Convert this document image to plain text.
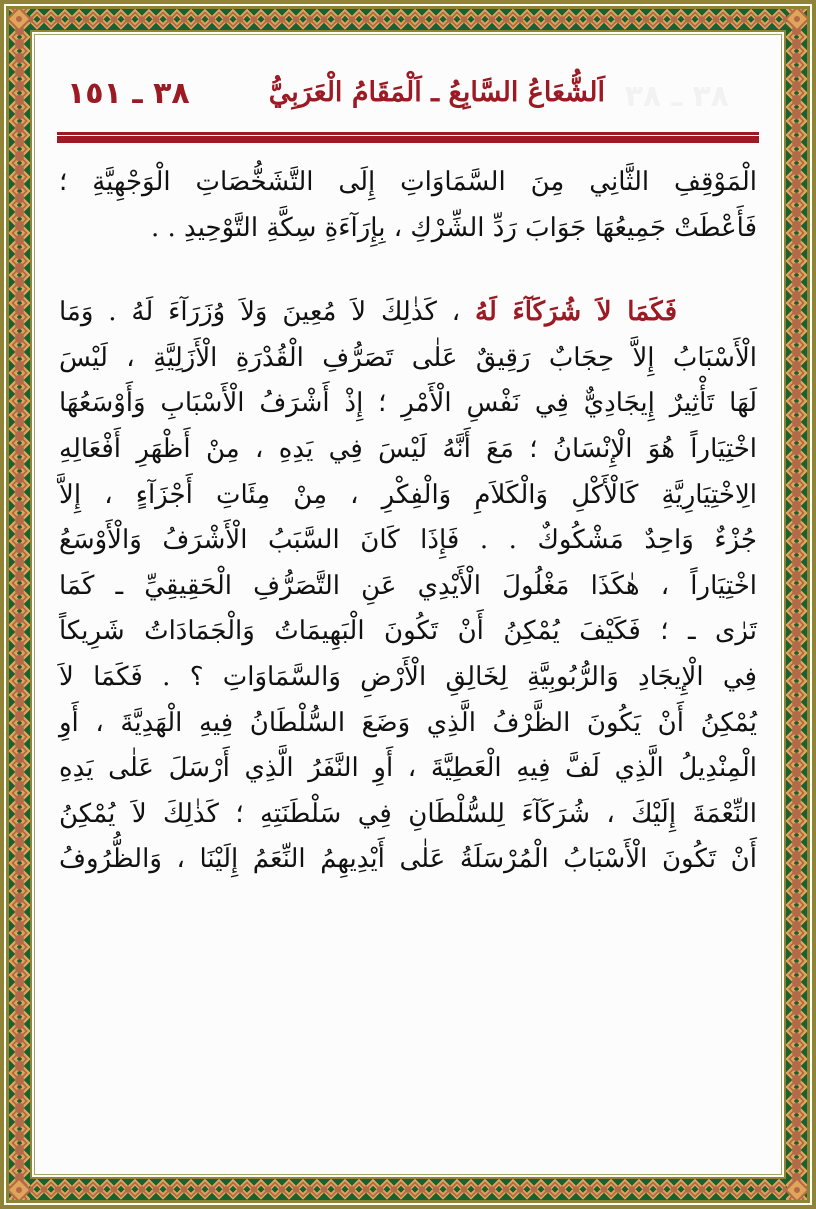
٣٨ ـ ٣٨
اَلشُّعَاعُ السَّابِعُ ـ اَلْمَقَامُ الْعَرَبِيُّ
٣٨ ـ ١٥١
الْمَوْقِفِ الثَّانِي مِنَ السَّمَاوَاتِ إِلَى التَّشَخُّصَاتِ الْوَجْهِيَّةِ ؛
فَأَعْطَتْ جَمِيعُهَا جَوَابَ رَدِّ الشِّرْكِ ، بِإِرَآءَةِ سِكَّةِ التَّوْحِيدِ . .
فَكَمَا لاَ شُرَكَآءَ لَهُ ، كَذٰلِكَ لاَ مُعِينَ وَلاَ وُزَرَآءَ لَهُ . وَمَا
الْأَسْبَابُ إِلاَّ حِجَابٌ رَقِيقٌ عَلٰى تَصَرُّفِ الْقُدْرَةِ الْأَزَلِيَّةِ ، لَيْسَ
لَهَا تَأْثِيرٌ إِيجَادِيٌّ فِي نَفْسِ الْأَمْرِ ؛ إِذْ أَشْرَفُ الْأَسْبَابِ وَأَوْسَعُهَا
اخْتِيَاراً هُوَ الْإِنْسَانُ ؛ مَعَ أَنَّهُ لَيْسَ فِي يَدِهِ ، مِنْ أَظْهَرِ أَفْعَالِهِ
الِاخْتِيَارِيَّةِ كَالْأَكْلِ وَالْكَلاَمِ وَالْفِكْرِ ، مِنْ مِئَاتِ أَجْزَآءٍ ، إِلاَّ
جُزْءٌ وَاحِدٌ مَشْكُوكٌ . . فَإِذَا كَانَ السَّبَبُ الْأَشْرَفُ وَالْأَوْسَعُ
اخْتِيَاراً ، هٰكَذَا مَغْلُولَ الْأَيْدِي عَنِ التَّصَرُّفِ الْحَقِيقِيِّ ـ كَمَا
تَرٰى ـ ؛ فَكَيْفَ يُمْكِنُ أَنْ تَكُونَ الْبَهِيمَاتُ وَالْجَمَادَاتُ شَرِيكاً
فِي الْإِيجَادِ وَالرُّبُوبِيَّةِ لِخَالِقِ الْأَرْضِ وَالسَّمَاوَاتِ ؟ . فَكَمَا لاَ
يُمْكِنُ أَنْ يَكُونَ الظَّرْفُ الَّذِي وَضَعَ السُّلْطَانُ فِيهِ الْهَدِيَّةَ ، أَوِ
الْمِنْدِيلُ الَّذِي لَفَّ فِيهِ الْعَطِيَّةَ ، أَوِ النَّفَرُ الَّذِي أَرْسَلَ عَلٰى يَدِهِ
النِّعْمَةَ إِلَيْكَ ، شُرَكَآءَ لِلسُّلْطَانِ فِي سَلْطَنَتِهِ ؛ كَذٰلِكَ لاَ يُمْكِنُ
أَنْ تَكُونَ الْأَسْبَابُ الْمُرْسَلَةُ عَلٰى أَيْدِيهِمُ النِّعَمُ إِلَيْنَا ، وَالظُّرُوفُ
